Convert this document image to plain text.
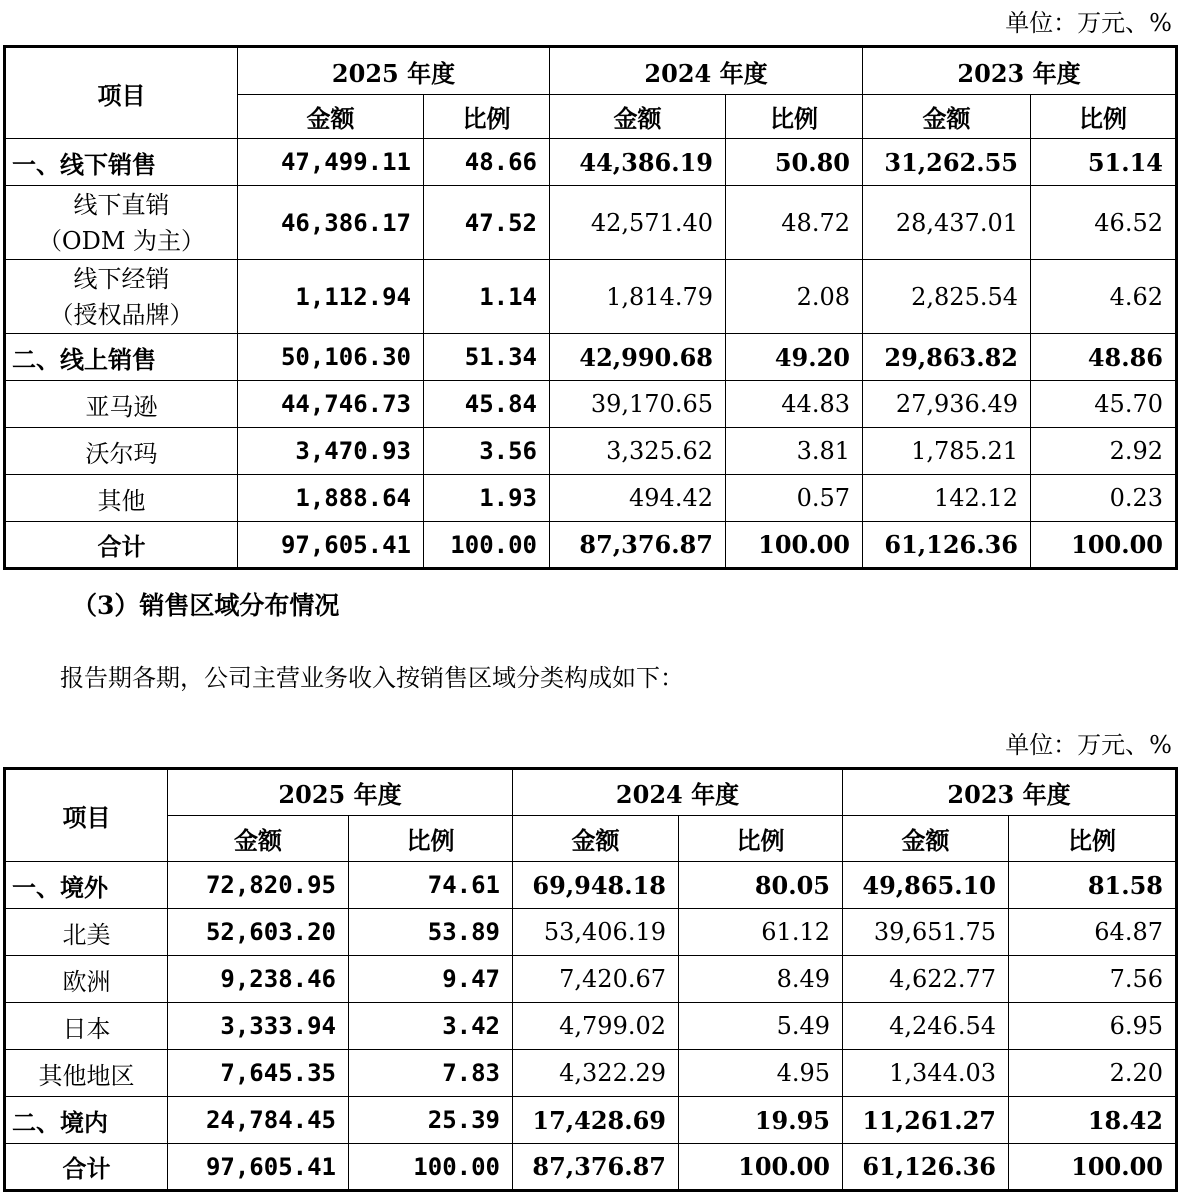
单位：万元、%
项目	2025 年度		2024 年度		2023 年度	
	金额	比例	金额	比例	金额	比例
一、线下销售	47,499.11	48.66	44,386.19	50.80	31,262.55	51.14

线下直销
（ODM 为主）	46,386.17	47.52	42,571.40	48.72	28,437.01	46.52

线下经销
（授权品牌）	1,112.94	1.14	1,814.79	2.08	2,825.54	4.62
二、线上销售	50,106.30	51.34	42,990.68	49.20	29,863.82	48.86
亚马逊	44,746.73	45.84	39,170.65	44.83	27,936.49	45.70
沃尔玛	3,470.93	3.56	3,325.62	3.81	1,785.21	2.92
其他	1,888.64	1.93	494.42	0.57	142.12	0.23
合计	97,605.41	100.00	87,376.87	100.00	61,126.36	100.00
（3）销售区域分布情况
报告期各期，公司主营业务收入按销售区域分类构成如下：
单位：万元、%
项目	2025 年度		2024 年度		2023 年度	
	金额	比例	金额	比例	金额	比例
一、境外	72,820.95	74.61	69,948.18	80.05	49,865.10	81.58
北美	52,603.20	53.89	53,406.19	61.12	39,651.75	64.87
欧洲	9,238.46	9.47	7,420.67	8.49	4,622.77	7.56
日本	3,333.94	3.42	4,799.02	5.49	4,246.54	6.95
其他地区	7,645.35	7.83	4,322.29	4.95	1,344.03	2.20
二、境内	24,784.45	25.39	17,428.69	19.95	11,261.27	18.42
合计	97,605.41	100.00	87,376.87	100.00	61,126.36	100.00
